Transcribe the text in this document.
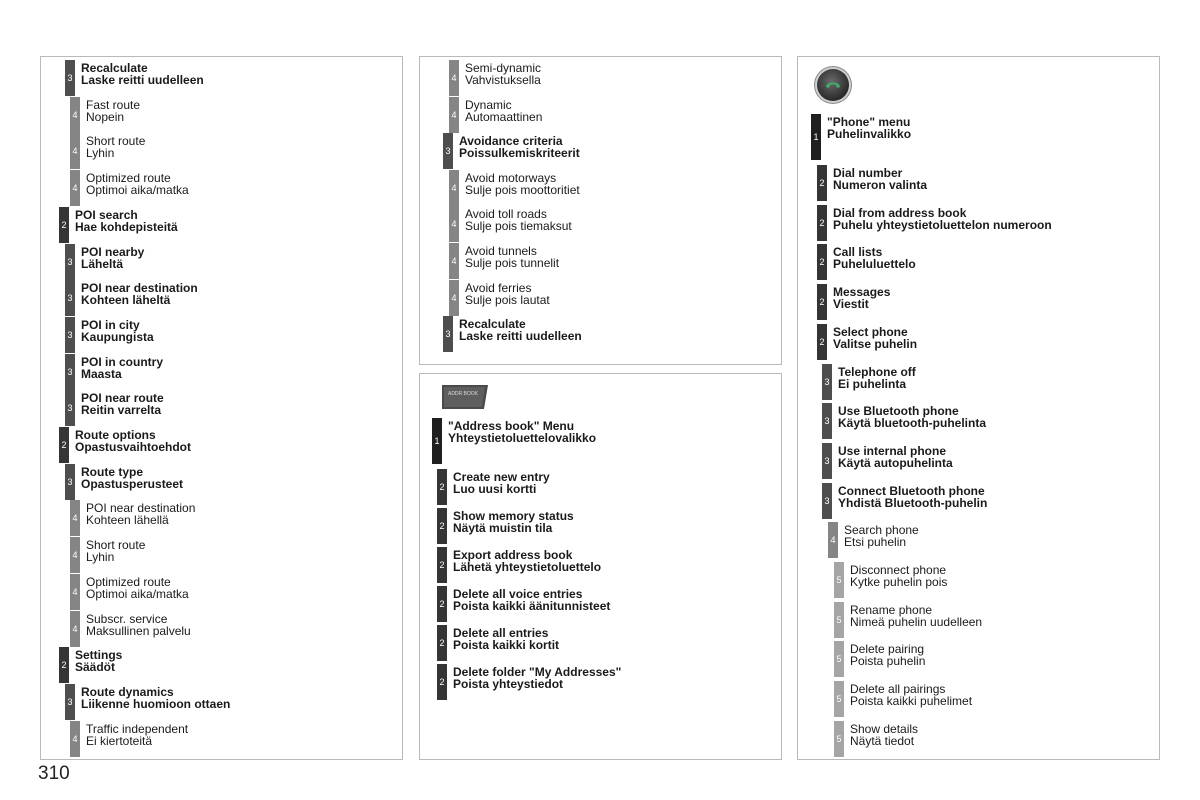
3
Recalculate
Laske reitti uudelleen
4
Fast route
Nopein
4
Short route
Lyhin
4
Optimized route
Optimoi aika/matka
2
POI search
Hae kohdepisteitä
3
POI nearby
Läheltä
3
POI near destination
Kohteen läheltä
3
POI in city
Kaupungista
3
POI in country
Maasta
3
POI near route
Reitin varrelta
2
Route options
Opastusvaihtoehdot
3
Route type
Opastusperusteet
4
POI near destination
Kohteen lähellä
4
Short route
Lyhin
4
Optimized route
Optimoi aika/matka
4
Subscr. service
Maksullinen palvelu
2
Settings
Säädöt
3
Route dynamics
Liikenne huomioon ottaen
4
Traffic independent
Ei kiertoteitä
4
Semi-dynamic
Vahvistuksella
4
Dynamic
Automaattinen
3
Avoidance criteria
Poissulkemiskriteerit
4
Avoid motorways
Sulje pois moottoritiet
4
Avoid toll roads
Sulje pois tiemaksut
4
Avoid tunnels
Sulje pois tunnelit
4
Avoid ferries
Sulje pois lautat
3
Recalculate
Laske reitti uudelleen
ADDR BOOK
1
"Address book" Menu
Yhteystietoluettelovalikko
2
Create new entry
Luo uusi kortti
2
Show memory status
Näytä muistin tila
2
Export address book
Lähetä yhteystietoluettelo
2
Delete all voice entries
Poista kaikki äänitunnisteet
2
Delete all entries
Poista kaikki kortit
2
Delete folder "My Addresses"
Poista yhteystiedot
1
"Phone" menu
Puhelinvalikko
2
Dial number
Numeron valinta
2
Dial from address book
Puhelu yhteystietoluettelon numeroon
2
Call lists
Puheluluettelo
2
Messages
Viestit
2
Select phone
Valitse puhelin
3
Telephone off
Ei puhelinta
3
Use Bluetooth phone
Käytä bluetooth-puhelinta
3
Use internal phone
Käytä autopuhelinta
3
Connect Bluetooth phone
Yhdistä Bluetooth-puhelin
4
Search phone
Etsi puhelin
5
Disconnect phone
Kytke puhelin pois
5
Rename phone
Nimeä puhelin uudelleen
5
Delete pairing
Poista puhelin
5
Delete all pairings
Poista kaikki puhelimet
5
Show details
Näytä tiedot
310
